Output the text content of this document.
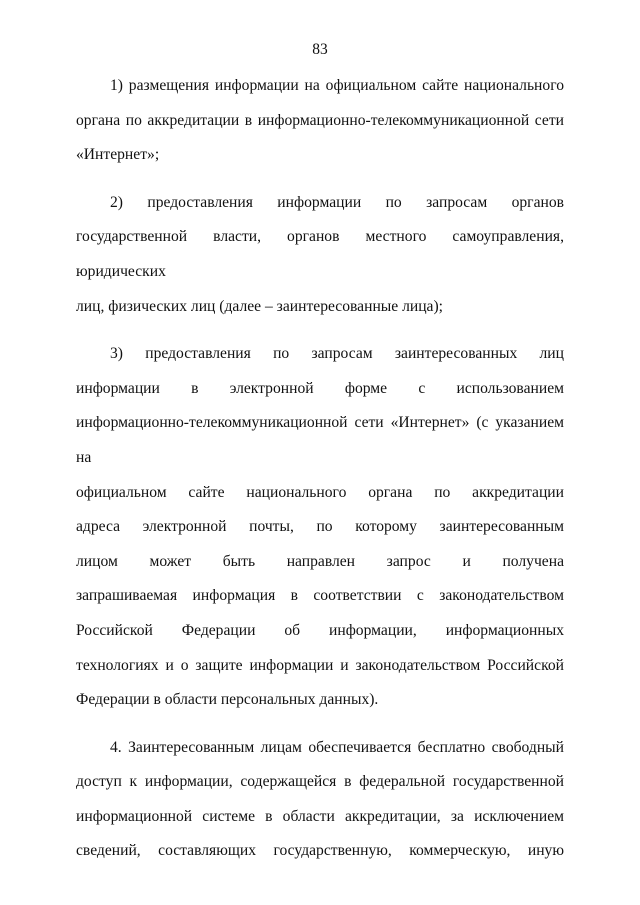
83
1) размещения информации на официальном сайте национального
органа по аккредитации в информационно-телекоммуникационной сети
«Интернет»;
2) предоставления информации по запросам органов
государственной власти, органов местного самоуправления, юридических
лиц, физических лиц (далее – заинтересованные лица);
3) предоставления по запросам заинтересованных лиц
информации в электронной форме с использованием
информационно-телекоммуникационной сети «Интернет» (с указанием на
официальном сайте национального органа по аккредитации
адреса электронной почты, по которому заинтересованным
лицом может быть направлен запрос и получена
запрашиваемая информация в соответствии с законодательством
Российской Федерации об информации, информационных
технологиях и о защите информации и законодательством Российской
Федерации в области персональных данных).
4. Заинтересованным лицам обеспечивается бесплатно свободный
доступ к информации, содержащейся в федеральной государственной
информационной системе в области аккредитации, за исключением
сведений, составляющих государственную, коммерческую, иную
